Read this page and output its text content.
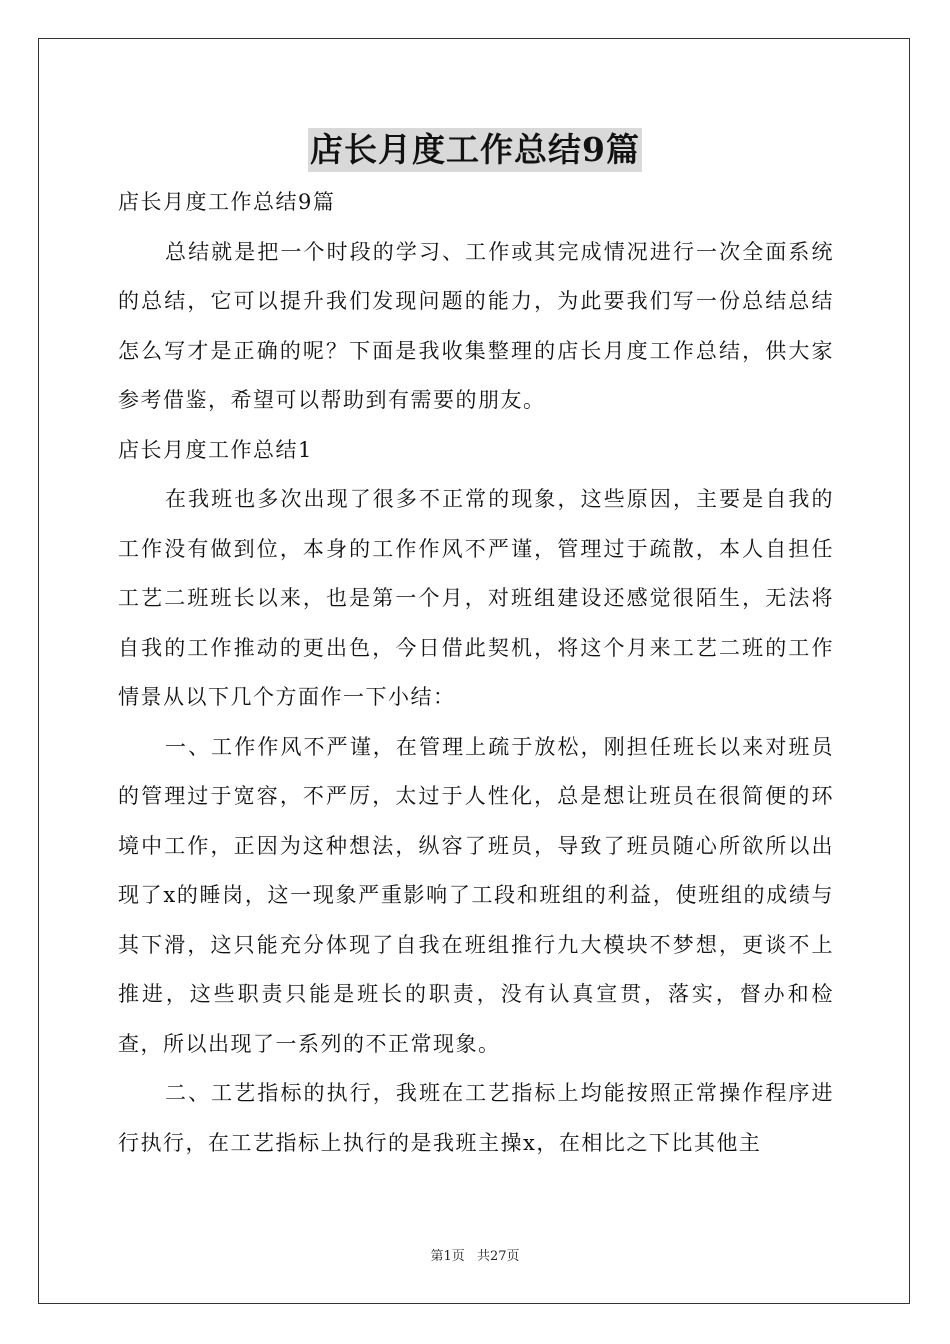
店长月度工作总结9篇

店长月度工作总结9篇

总结就是把一个时段的学习、工作或其完成情况进行一次全面系统的总结，它可以提升我们发现问题的能力，为此要我们写一份总结总结怎么写才是正确的呢？下面是我收集整理的店长月度工作总结，供大家参考借鉴，希望可以帮助到有需要的朋友。

店长月度工作总结1

在我班也多次出现了很多不正常的现象，这些原因，主要是自我的工作没有做到位，本身的工作作风不严谨，管理过于疏散，本人自担任工艺二班班长以来，也是第一个月，对班组建设还感觉很陌生，无法将自我的工作推动的更出色，今日借此契机，将这个月来工艺二班的工作情景从以下几个方面作一下小结：

一、工作作风不严谨，在管理上疏于放松，刚担任班长以来对班员的管理过于宽容，不严厉，太过于人性化，总是想让班员在很简便的环境中工作，正因为这种想法，纵容了班员，导致了班员随心所欲所以出现了x的睡岗，这一现象严重影响了工段和班组的利益，使班组的成绩与其下滑，这只能充分体现了自我在班组推行九大模块不梦想，更谈不上推进，这些职责只能是班长的职责，没有认真宣贯，落实，督办和检查，所以出现了一系列的不正常现象。

二、工艺指标的执行，我班在工艺指标上均能按照正常操作程序进行执行，在工艺指标上执行的是我班主操x，在相比之下比其他主

第1页 共27页
